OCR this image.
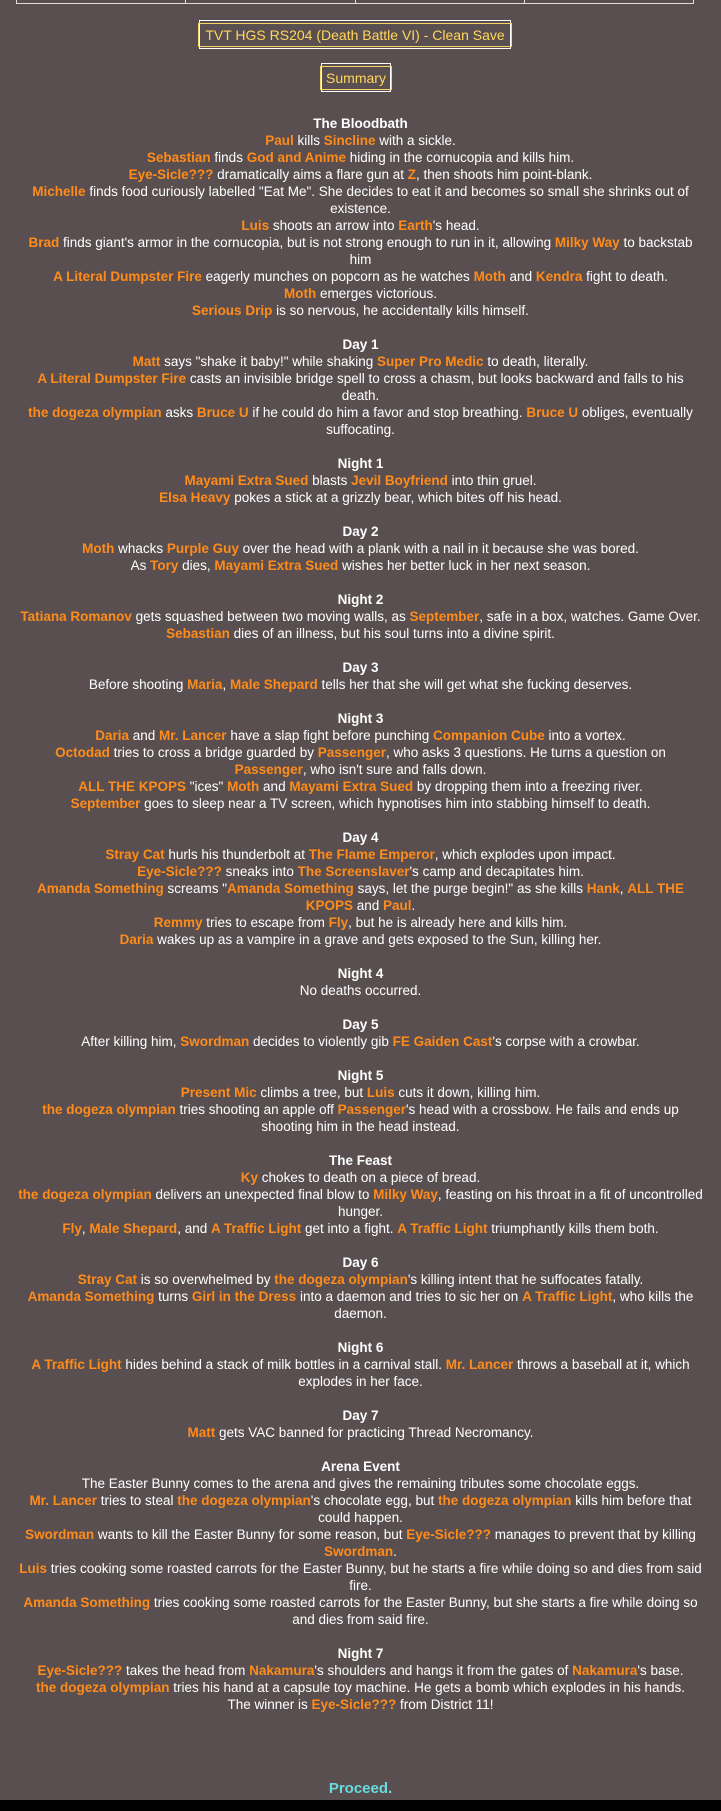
TVT HGS RS204 (Death Battle VI) - Clean Save
Summary
The Bloodbath
Paul kills Sincline with a sickle.
Sebastian finds God and Anime hiding in the cornucopia and kills him.
Eye-Sicle??? dramatically aims a flare gun at Z, then shoots him point-blank.
Michelle finds food curiously labelled "Eat Me". She decides to eat it and becomes so small she shrinks out of existence.
Luis shoots an arrow into Earth's head.
Brad finds giant's armor in the cornucopia, but is not strong enough to run in it, allowing Milky Way to backstab him
A Literal Dumpster Fire eagerly munches on popcorn as he watches Moth and Kendra fight to death.
Moth emerges victorious.
Serious Drip is so nervous, he accidentally kills himself.
Day 1
Matt says "shake it baby!" while shaking Super Pro Medic to death, literally.
A Literal Dumpster Fire casts an invisible bridge spell to cross a chasm, but looks backward and falls to his death.
the dogeza olympian asks Bruce U if he could do him a favor and stop breathing. Bruce U obliges, eventually suffocating.
Night 1
Mayami Extra Sued blasts Jevil Boyfriend into thin gruel.
Elsa Heavy pokes a stick at a grizzly bear, which bites off his head.
Day 2
Moth whacks Purple Guy over the head with a plank with a nail in it because she was bored.
As Tory dies, Mayami Extra Sued wishes her better luck in her next season.
Night 2
Tatiana Romanov gets squashed between two moving walls, as September, safe in a box, watches. Game Over.
Sebastian dies of an illness, but his soul turns into a divine spirit.
Day 3
Before shooting Maria, Male Shepard tells her that she will get what she fucking deserves.
Night 3
Daria and Mr. Lancer have a slap fight before punching Companion Cube into a vortex.
Octodad tries to cross a bridge guarded by Passenger, who asks 3 questions. He turns a question on Passenger, who isn't sure and falls down.
ALL THE KPOPS "ices" Moth and Mayami Extra Sued by dropping them into a freezing river.
September goes to sleep near a TV screen, which hypnotises him into stabbing himself to death.
Day 4
Stray Cat hurls his thunderbolt at The Flame Emperor, which explodes upon impact.
Eye-Sicle??? sneaks into The Screenslaver's camp and decapitates him.
Amanda Something screams "Amanda Something says, let the purge begin!" as she kills Hank, ALL THE KPOPS and Paul.
Remmy tries to escape from Fly, but he is already here and kills him.
Daria wakes up as a vampire in a grave and gets exposed to the Sun, killing her.
Night 4
No deaths occurred.
Day 5
After killing him, Swordman decides to violently gib FE Gaiden Cast's corpse with a crowbar.
Night 5
Present Mic climbs a tree, but Luis cuts it down, killing him.
the dogeza olympian tries shooting an apple off Passenger's head with a crossbow. He fails and ends up shooting him in the head instead.
The Feast
Ky chokes to death on a piece of bread.
the dogeza olympian delivers an unexpected final blow to Milky Way, feasting on his throat in a fit of uncontrolled hunger.
Fly, Male Shepard, and A Traffic Light get into a fight. A Traffic Light triumphantly kills them both.
Day 6
Stray Cat is so overwhelmed by the dogeza olympian's killing intent that he suffocates fatally.
Amanda Something turns Girl in the Dress into a daemon and tries to sic her on A Traffic Light, who kills the daemon.
Night 6
A Traffic Light hides behind a stack of milk bottles in a carnival stall. Mr. Lancer throws a baseball at it, which explodes in her face.
Day 7
Matt gets VAC banned for practicing Thread Necromancy.
Arena Event
The Easter Bunny comes to the arena and gives the remaining tributes some chocolate eggs.
Mr. Lancer tries to steal the dogeza olympian's chocolate egg, but the dogeza olympian kills him before that could happen.
Swordman wants to kill the Easter Bunny for some reason, but Eye-Sicle??? manages to prevent that by killing Swordman.
Luis tries cooking some roasted carrots for the Easter Bunny, but he starts a fire while doing so and dies from said fire.
Amanda Something tries cooking some roasted carrots for the Easter Bunny, but she starts a fire while doing so and dies from said fire.
Night 7
Eye-Sicle??? takes the head from Nakamura's shoulders and hangs it from the gates of Nakamura's base.
the dogeza olympian tries his hand at a capsule toy machine. He gets a bomb which explodes in his hands.
The winner is Eye-Sicle??? from District 11!
Proceed.
